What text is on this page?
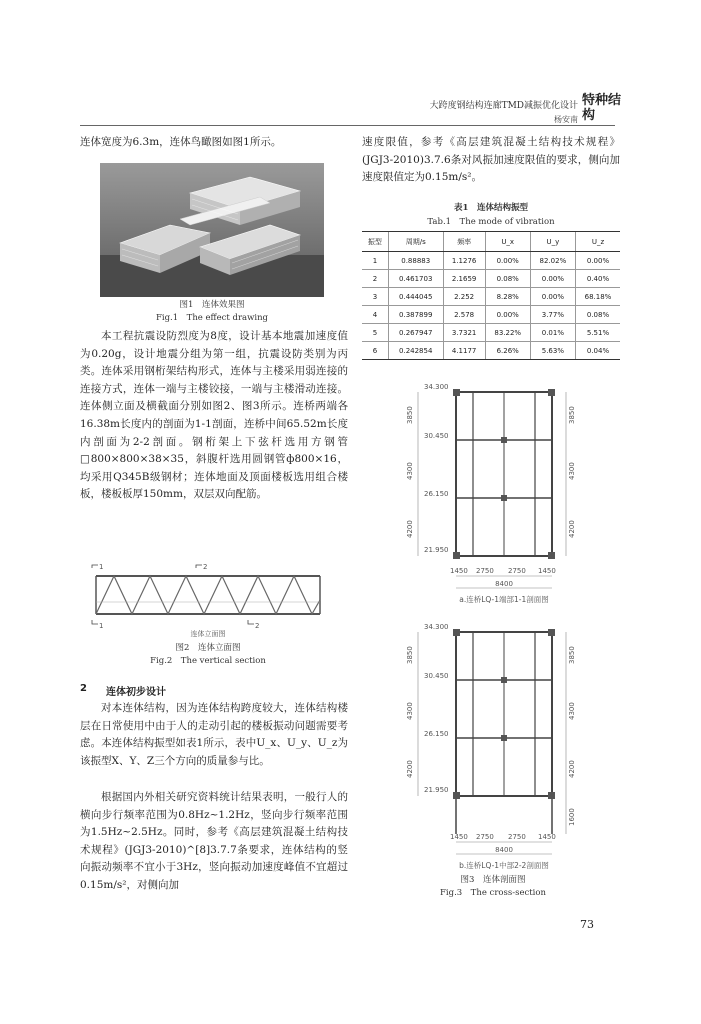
大跨度钢结构连廊TMD减振优化设计
杨安南
特种结构

连体宽度为6.3m，连体鸟瞰图如图1所示。

图1　连体效果图
Fig.1　The effect drawing

本工程抗震设防烈度为8度，设计基本地震加速度值为0.20g，设计地震分组为第一组，抗震设防类别为丙类。连体采用钢桁架结构形式，连体与主楼采用弱连接的连接方式，连体一端与主楼铰接，一端与主楼滑动连接。连体侧立面及横截面分别如图2、图3所示。连桥两端各16.38m长度内的剖面为1-1剖面，连桥中间65.52m长度内剖面为2-2剖面。钢桁架上下弦杆选用方钢管□800×800×38×35，斜腹杆选用圆钢管ф800×16，均采用Q345B级钢材；连体地面及顶面楼板选用组合楼板，楼板板厚150mm，双层双向配筋。

1	2
1	2
连体立面图
图2　连体立面图
Fig.2　The vertical section
2 连体初步设计

对本连体结构，因为连体结构跨度较大，连体结构楼层在日常使用中由于人的走动引起的楼板振动问题需要考虑。本连体结构振型如表1所示，表中U_x、U_y、U_z为该振型X、Y、Z三个方向的质量参与比。

根据国内外相关研究资料统计结果表明，一般行人的横向步行频率范围为0.8Hz~1.2Hz，竖向步行频率范围为1.5Hz~2.5Hz。同时，参考《高层建筑混凝土结构技术规程》(JGJ3-2010)^[8]3.7.7条要求，连体结构的竖向振动频率不宜小于3Hz，竖向振动加速度峰值不宜超过0.15m/s²，对侧向加

速度限值，参考《高层建筑混凝土结构技术规程》(JGJ3-2010)3.7.6条对风振加速度限值的要求，侧向加速度限值定为0.15m/s²。

表1　连体结构振型
Tab.1　The mode of vibration
振型	周期/s	频率	U_x	U_y	U_z
1	0.88883	1.1276	0.00%	82.02%	0.00%
2	0.461703	2.1659	0.08%	0.00%	0.40%
3	0.444045	2.252	8.28%	0.00%	68.18%
4	0.387899	2.578	0.00%	3.77%	0.08%
5	0.267947	3.7321	83.22%	0.01%	5.51%
6	0.242854	4.1177	6.26%	5.63%	0.04%
34.300
30.450
26.150
21.950
3850
4300
4200
3850
4300
4200
1450 2750 2750 1450
8400
a.连桥LQ-1端部1-1剖面图
34.300
30.450
26.150
21.950
3850
4300
4200
3850
4300
4200
1600
1450 2750 2750 1450
8400
b.连桥LQ-1中部2-2剖面图
图3　连体剖面图
Fig.3　The cross-section
73
